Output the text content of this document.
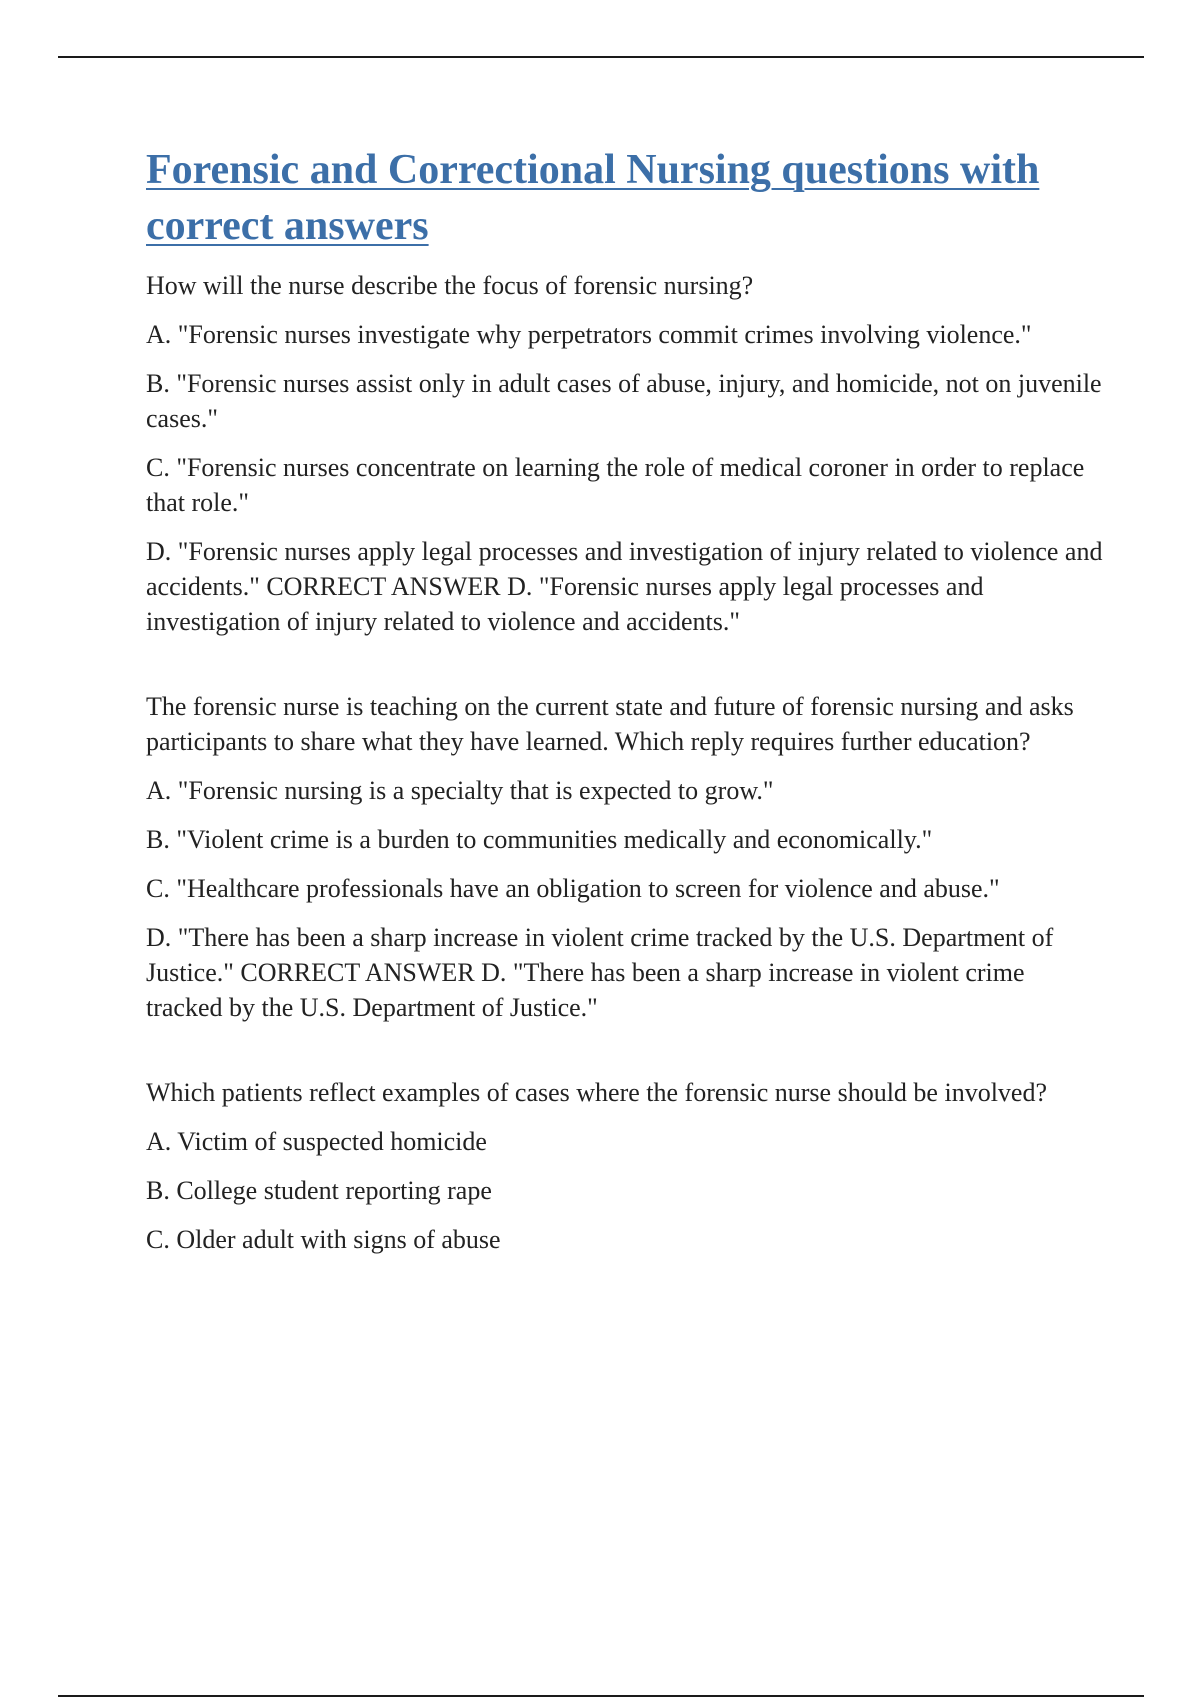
Forensic and Correctional Nursing questions with correct answers

How will the nurse describe the focus of forensic nursing?

A. "Forensic nurses investigate why perpetrators commit crimes involving violence."

B. "Forensic nurses assist only in adult cases of abuse, injury, and homicide, not on juvenile cases."

C. "Forensic nurses concentrate on learning the role of medical coroner in order to replace that role."

D. "Forensic nurses apply legal processes and investigation of injury related to violence and accidents." CORRECT ANSWER D. "Forensic nurses apply legal processes and investigation of injury related to violence and accidents."

The forensic nurse is teaching on the current state and future of forensic nursing and asks participants to share what they have learned. Which reply requires further education?

A. "Forensic nursing is a specialty that is expected to grow."

B. "Violent crime is a burden to communities medically and economically."

C. "Healthcare professionals have an obligation to screen for violence and abuse."

D. "There has been a sharp increase in violent crime tracked by the U.S. Department of Justice." CORRECT ANSWER D. "There has been a sharp increase in violent crime tracked by the U.S. Department of Justice."

Which patients reflect examples of cases where the forensic nurse should be involved?

A. Victim of suspected homicide

B. College student reporting rape

C. Older adult with signs of abuse
